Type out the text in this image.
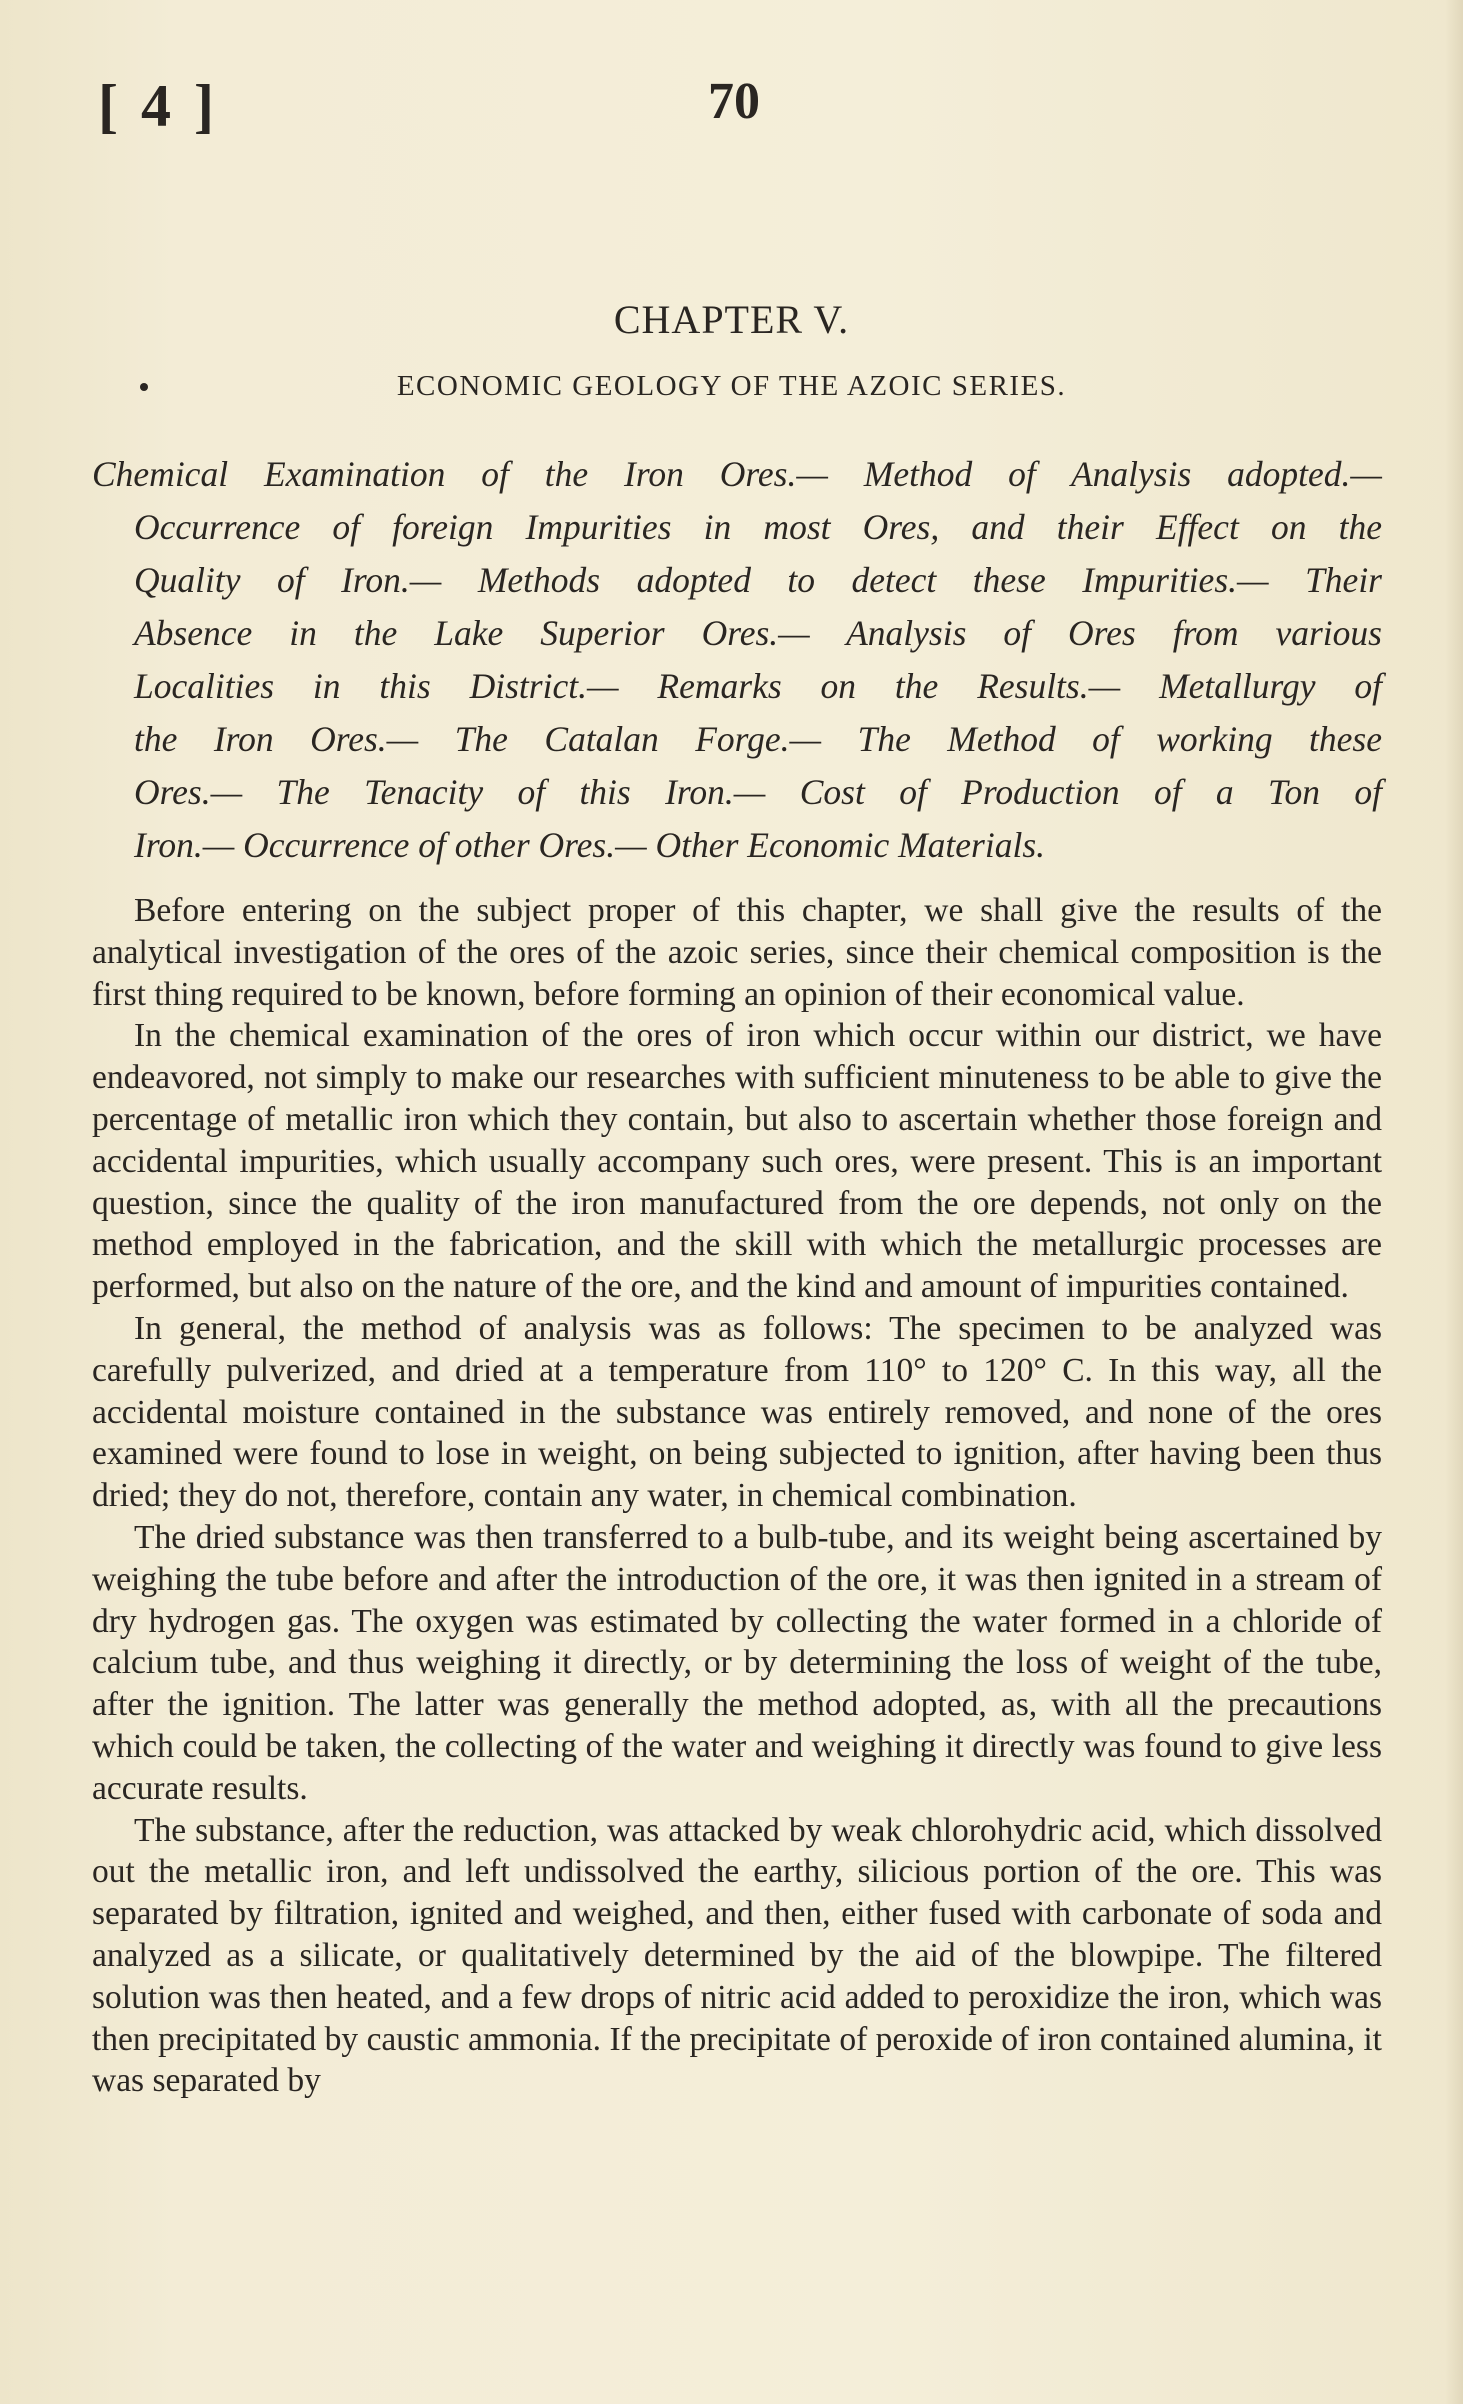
[ 4 ]	70
CHAPTER V.
ECONOMIC GEOLOGY OF THE AZOIC SERIES.
Chemical Examination of the Iron Ores.— Method of Analysis adopted.—
Occurrence of foreign Impurities in most Ores, and their Effect on the
Quality of Iron.— Methods adopted to detect these Impurities.— Their
Absence in the Lake Superior Ores.— Analysis of Ores from various
Localities in this District.— Remarks on the Results.— Metallurgy of
the Iron Ores.— The Catalan Forge.— The Method of working these
Ores.— The Tenacity of this Iron.— Cost of Production of a Ton of
Iron.— Occurrence of other Ores.— Other Economic Materials.

Before entering on the subject proper of this chapter, we shall give the results of the analytical investigation of the ores of the azoic series, since their chemical composition is the first thing required to be known, before forming an opinion of their economical value.

In the chemical examination of the ores of iron which occur within our district, we have endeavored, not simply to make our researches with sufficient minuteness to be able to give the percentage of metallic iron which they contain, but also to ascertain whether those foreign and accidental impurities, which usually accompany such ores, were present. This is an important question, since the quality of the iron manufactured from the ore depends, not only on the method employed in the fabrication, and the skill with which the metallurgic processes are performed, but also on the nature of the ore, and the kind and amount of impurities contained.

In general, the method of analysis was as follows: The specimen to be analyzed was carefully pulverized, and dried at a temperature from 110° to 120° C. In this way, all the accidental moisture contained in the substance was entirely removed, and none of the ores examined were found to lose in weight, on being subjected to ignition, after having been thus dried; they do not, therefore, contain any water, in chemical combination.

The dried substance was then transferred to a bulb-tube, and its weight being ascertained by weighing the tube before and after the introduction of the ore, it was then ignited in a stream of dry hydrogen gas. The oxygen was estimated by collecting the water formed in a chloride of calcium tube, and thus weighing it directly, or by determining the loss of weight of the tube, after the ignition. The latter was generally the method adopted, as, with all the precautions which could be taken, the collecting of the water and weighing it directly was found to give less accurate results.

The substance, after the reduction, was attacked by weak chlorohydric acid, which dissolved out the metallic iron, and left undissolved the earthy, silicious portion of the ore. This was separated by filtration, ignited and weighed, and then, either fused with carbonate of soda and analyzed as a silicate, or qualitatively determined by the aid of the blowpipe. The filtered solution was then heated, and a few drops of nitric acid added to peroxidize the iron, which was then precipitated by caustic ammonia. If the precipitate of peroxide of iron contained alumina, it was separated by
